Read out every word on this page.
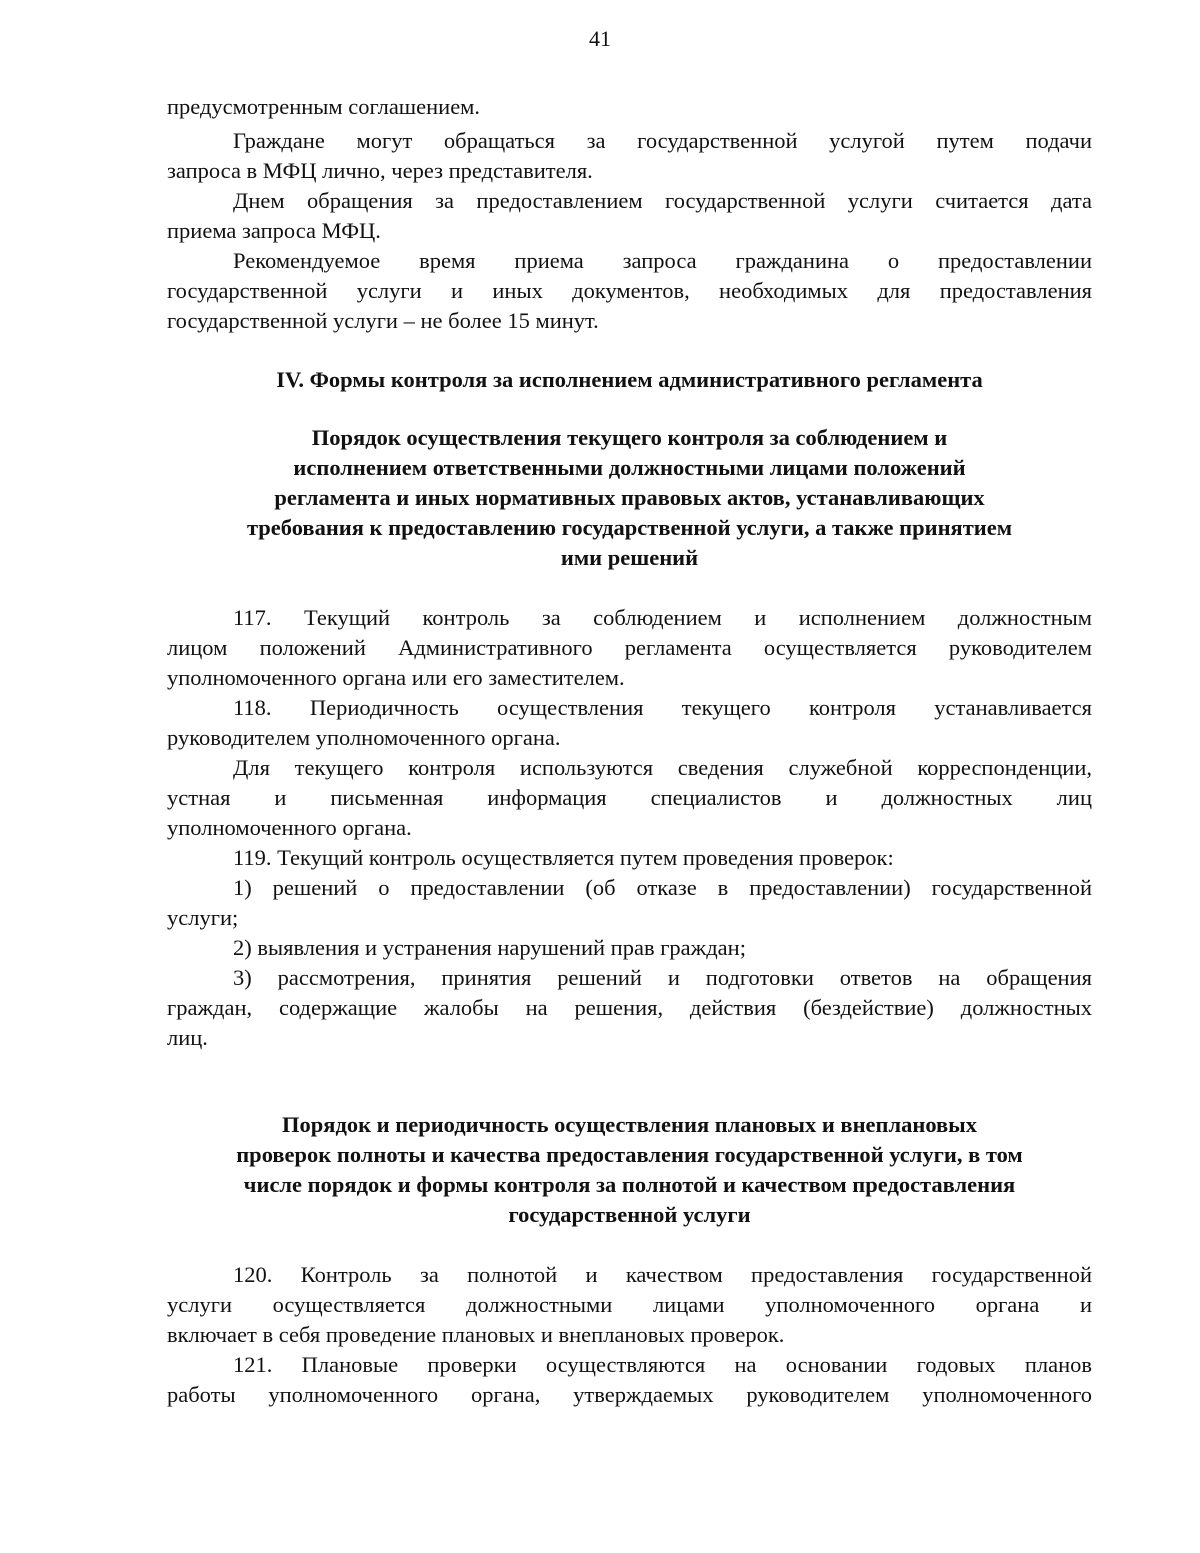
41
предусмотренным соглашением.
Граждане могут обращаться за государственной услугой путем подачи
запроса в МФЦ лично, через представителя.
Днем обращения за предоставлением государственной услуги считается дата
приема запроса МФЦ.
Рекомендуемое время приема запроса гражданина о предоставлении
государственной услуги и иных документов, необходимых для предоставления
государственной услуги – не более 15 минут.
IV. Формы контроля за исполнением административного регламента
Порядок осуществления текущего контроля за соблюдением и
исполнением ответственными должностными лицами положений
регламента и иных нормативных правовых актов, устанавливающих
требования к предоставлению государственной услуги, а также принятием
ими решений
117. Текущий контроль за соблюдением и исполнением должностным
лицом положений Административного регламента осуществляется руководителем
уполномоченного органа или его заместителем.
118. Периодичность осуществления текущего контроля устанавливается
руководителем уполномоченного органа.
Для текущего контроля используются сведения служебной корреспонденции,
устная и письменная информация специалистов и должностных лиц
уполномоченного органа.
119. Текущий контроль осуществляется путем проведения проверок:
1) решений о предоставлении (об отказе в предоставлении) государственной
услуги;
2) выявления и устранения нарушений прав граждан;
3) рассмотрения, принятия решений и подготовки ответов на обращения
граждан, содержащие жалобы на решения, действия (бездействие) должностных
лиц.
Порядок и периодичность осуществления плановых и внеплановых
проверок полноты и качества предоставления государственной услуги, в том
числе порядок и формы контроля за полнотой и качеством предоставления
государственной услуги
120. Контроль за полнотой и качеством предоставления государственной
услуги осуществляется должностными лицами уполномоченного органа и
включает в себя проведение плановых и внеплановых проверок.
121. Плановые проверки осуществляются на основании годовых планов
работы уполномоченного органа, утверждаемых руководителем уполномоченного
